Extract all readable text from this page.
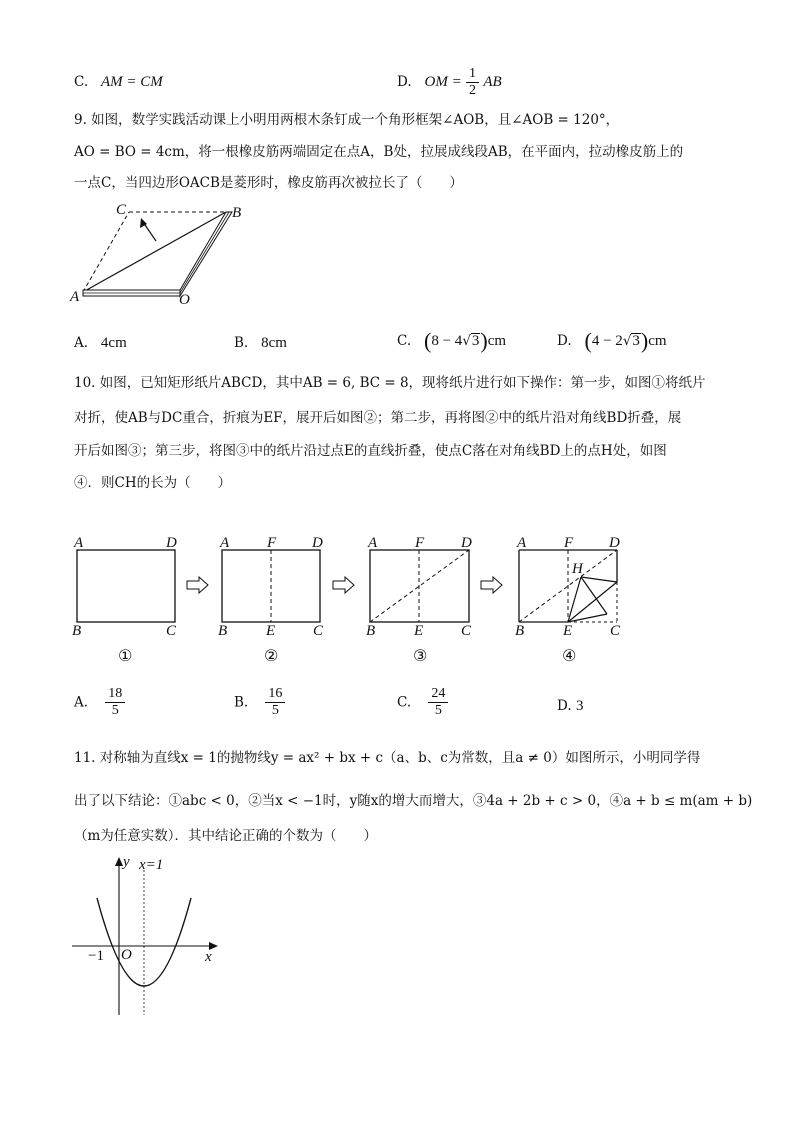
C. AM = CM	D. OM = $\frac{1}{2}$ AB
9. 如图，数学实践活动课上小明用两根木条钉成一个角形框架∠AOB，且∠AOB = 120°，
AO = BO = 4cm，将一根橡皮筋两端固定在点A，B处，拉展成线段AB，在平面内，拉动橡皮筋上的
一点C，当四边形OACB是菱形时，橡皮筋再次被拉长了（　　）
C	B
A	O
A. 4cm	B. 8cm	C. (8 − 4√3)cm	D. (4 − 2√3)cm
10. 如图，已知矩形纸片ABCD，其中AB = 6, BC = 8，现将纸片进行如下操作：第一步，如图①将纸片
对折，使AB与DC重合，折痕为EF，展开后如图②；第二步，再将图②中的纸片沿对角线BD折叠，展
开后如图③；第三步，将图③中的纸片沿过点E的直线折叠，使点C落在对角线BD上的点H处，如图
④．则CH的长为（　　）
A	D
B	C
①
A	F D
B	E	C
②
A	F D
B	E	C
③
A	F D
H
B	E	C
④
A. $\frac{18}{5}$	B. $\frac{16}{5}$	C. $\frac{24}{5}$	D. 3
11. 对称轴为直线x = 1的抛物线y = ax² + bx + c（a、b、c为常数，且a ≠ 0）如图所示，小明同学得
出了以下结论：①abc < 0，②当x < −1时，y随x的增大而增大，③4a + 2b + c > 0，④a + b ≤ m(am + b)
（m为任意实数）．其中结论正确的个数为（　　）
y x=1
−1 O	x
